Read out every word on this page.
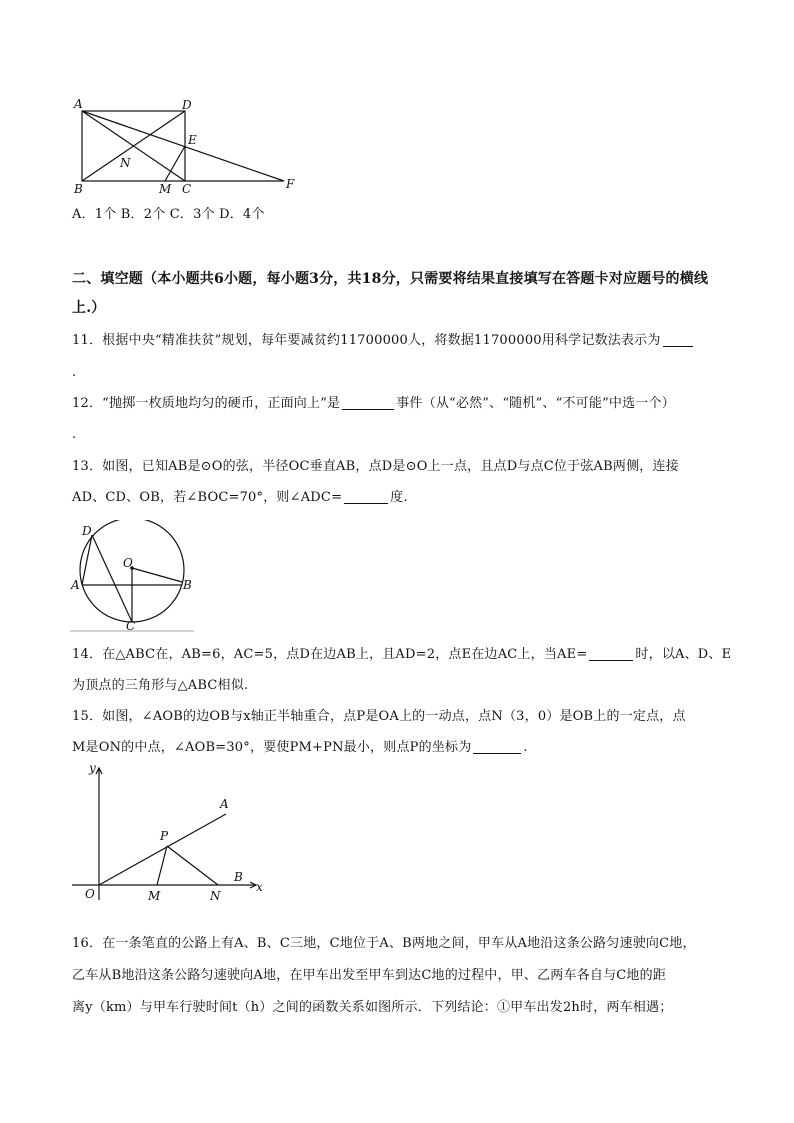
A	D
E
N
B	M C	F
A．1个 B．2个 C．3个 D．4个
二、填空题（本小题共6小题，每小题3分，共18分，只需要将结果直接填写在答题卡对应题号的横线
上.）
11．根据中央“精准扶贫”规划，每年要减贫约11700000人，将数据11700000用科学记数法表示为
.
12．“抛掷一枚质地均匀的硬币，正面向上”是	事件（从“必然”、“随机”、“不可能”中选一个）
.
13．如图，已知AB是⊙O的弦，半径OC垂直AB，点D是⊙O上一点，且点D与点C位于弦AB两侧，连接
AD、CD、OB，若∠BOC=70°，则∠ADC=	度.
D
O
A	B
C
14．在△ABC在，AB=6，AC=5，点D在边AB上，且AD=2，点E在边AC上，当AE=	时，以A、D、E
为顶点的三角形与△ABC相似.
15．如图，∠AOB的边OB与x轴正半轴重合，点P是OA上的一动点，点N（3，0）是OB上的一定点，点
M是ON的中点，∠AOB=30°，要使PM+PN最小，则点P的坐标为	.
y
A
P
B
x
O	M	N
16．在一条笔直的公路上有A、B、C三地，C地位于A、B两地之间，甲车从A地沿这条公路匀速驶向C地，
乙车从B地沿这条公路匀速驶向A地，在甲车出发至甲车到达C地的过程中，甲、乙两车各自与C地的距
离y（km）与甲车行驶时间t（h）之间的函数关系如图所示．下列结论：①甲车出发2h时，两车相遇；
